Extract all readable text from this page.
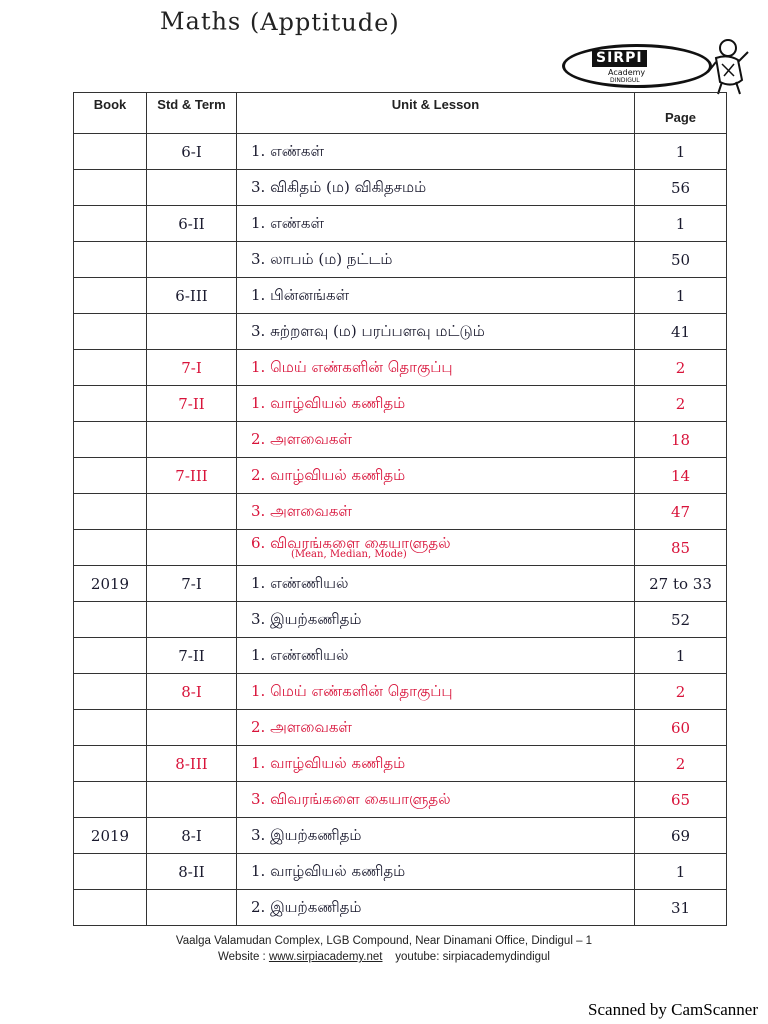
Maths (Apptitude)
SIRPI
Academy
DINDIGUL
Book	Std & Term	Unit & Lesson	Page
	6-I	1. எண்கள்	1
		3. விகிதம் (ம) விகிதசமம்	56
	6-II	1. எண்கள்	1
		3. லாபம் (ம) நட்டம்	50
	6-III	1. பின்னங்கள்	1
		3. சுற்றளவு (ம) பரப்பளவு மட்டும்	41
	7-I	1. மெய் எண்களின் தொகுப்பு	2
	7-II	1. வாழ்வியல் கணிதம்	2
		2. அளவைகள்	18
	7-III	2. வாழ்வியல் கணிதம்	14
		3. அளவைகள்	47
		6. விவரங்களை கையாளுதல்
(Mean, Median, Mode)	85
2019	7-I	1. எண்ணியல்	27 to 33
		3. இயற்கணிதம்	52
	7-II	1. எண்ணியல்	1
	8-I	1. மெய் எண்களின் தொகுப்பு	2
		2. அளவைகள்	60
	8-III	1. வாழ்வியல் கணிதம்	2
		3. விவரங்களை கையாளுதல்	65
2019	8-I	3. இயற்கணிதம்	69
	8-II	1. வாழ்வியல் கணிதம்	1
		2. இயற்கணிதம்	31
Vaalga Valamudan Complex, LGB Compound, Near Dinamani Office, Dindigul – 1
Website : www.sirpiacademy.net youtube: sirpiacademydindigul
Scanned by CamScanner
